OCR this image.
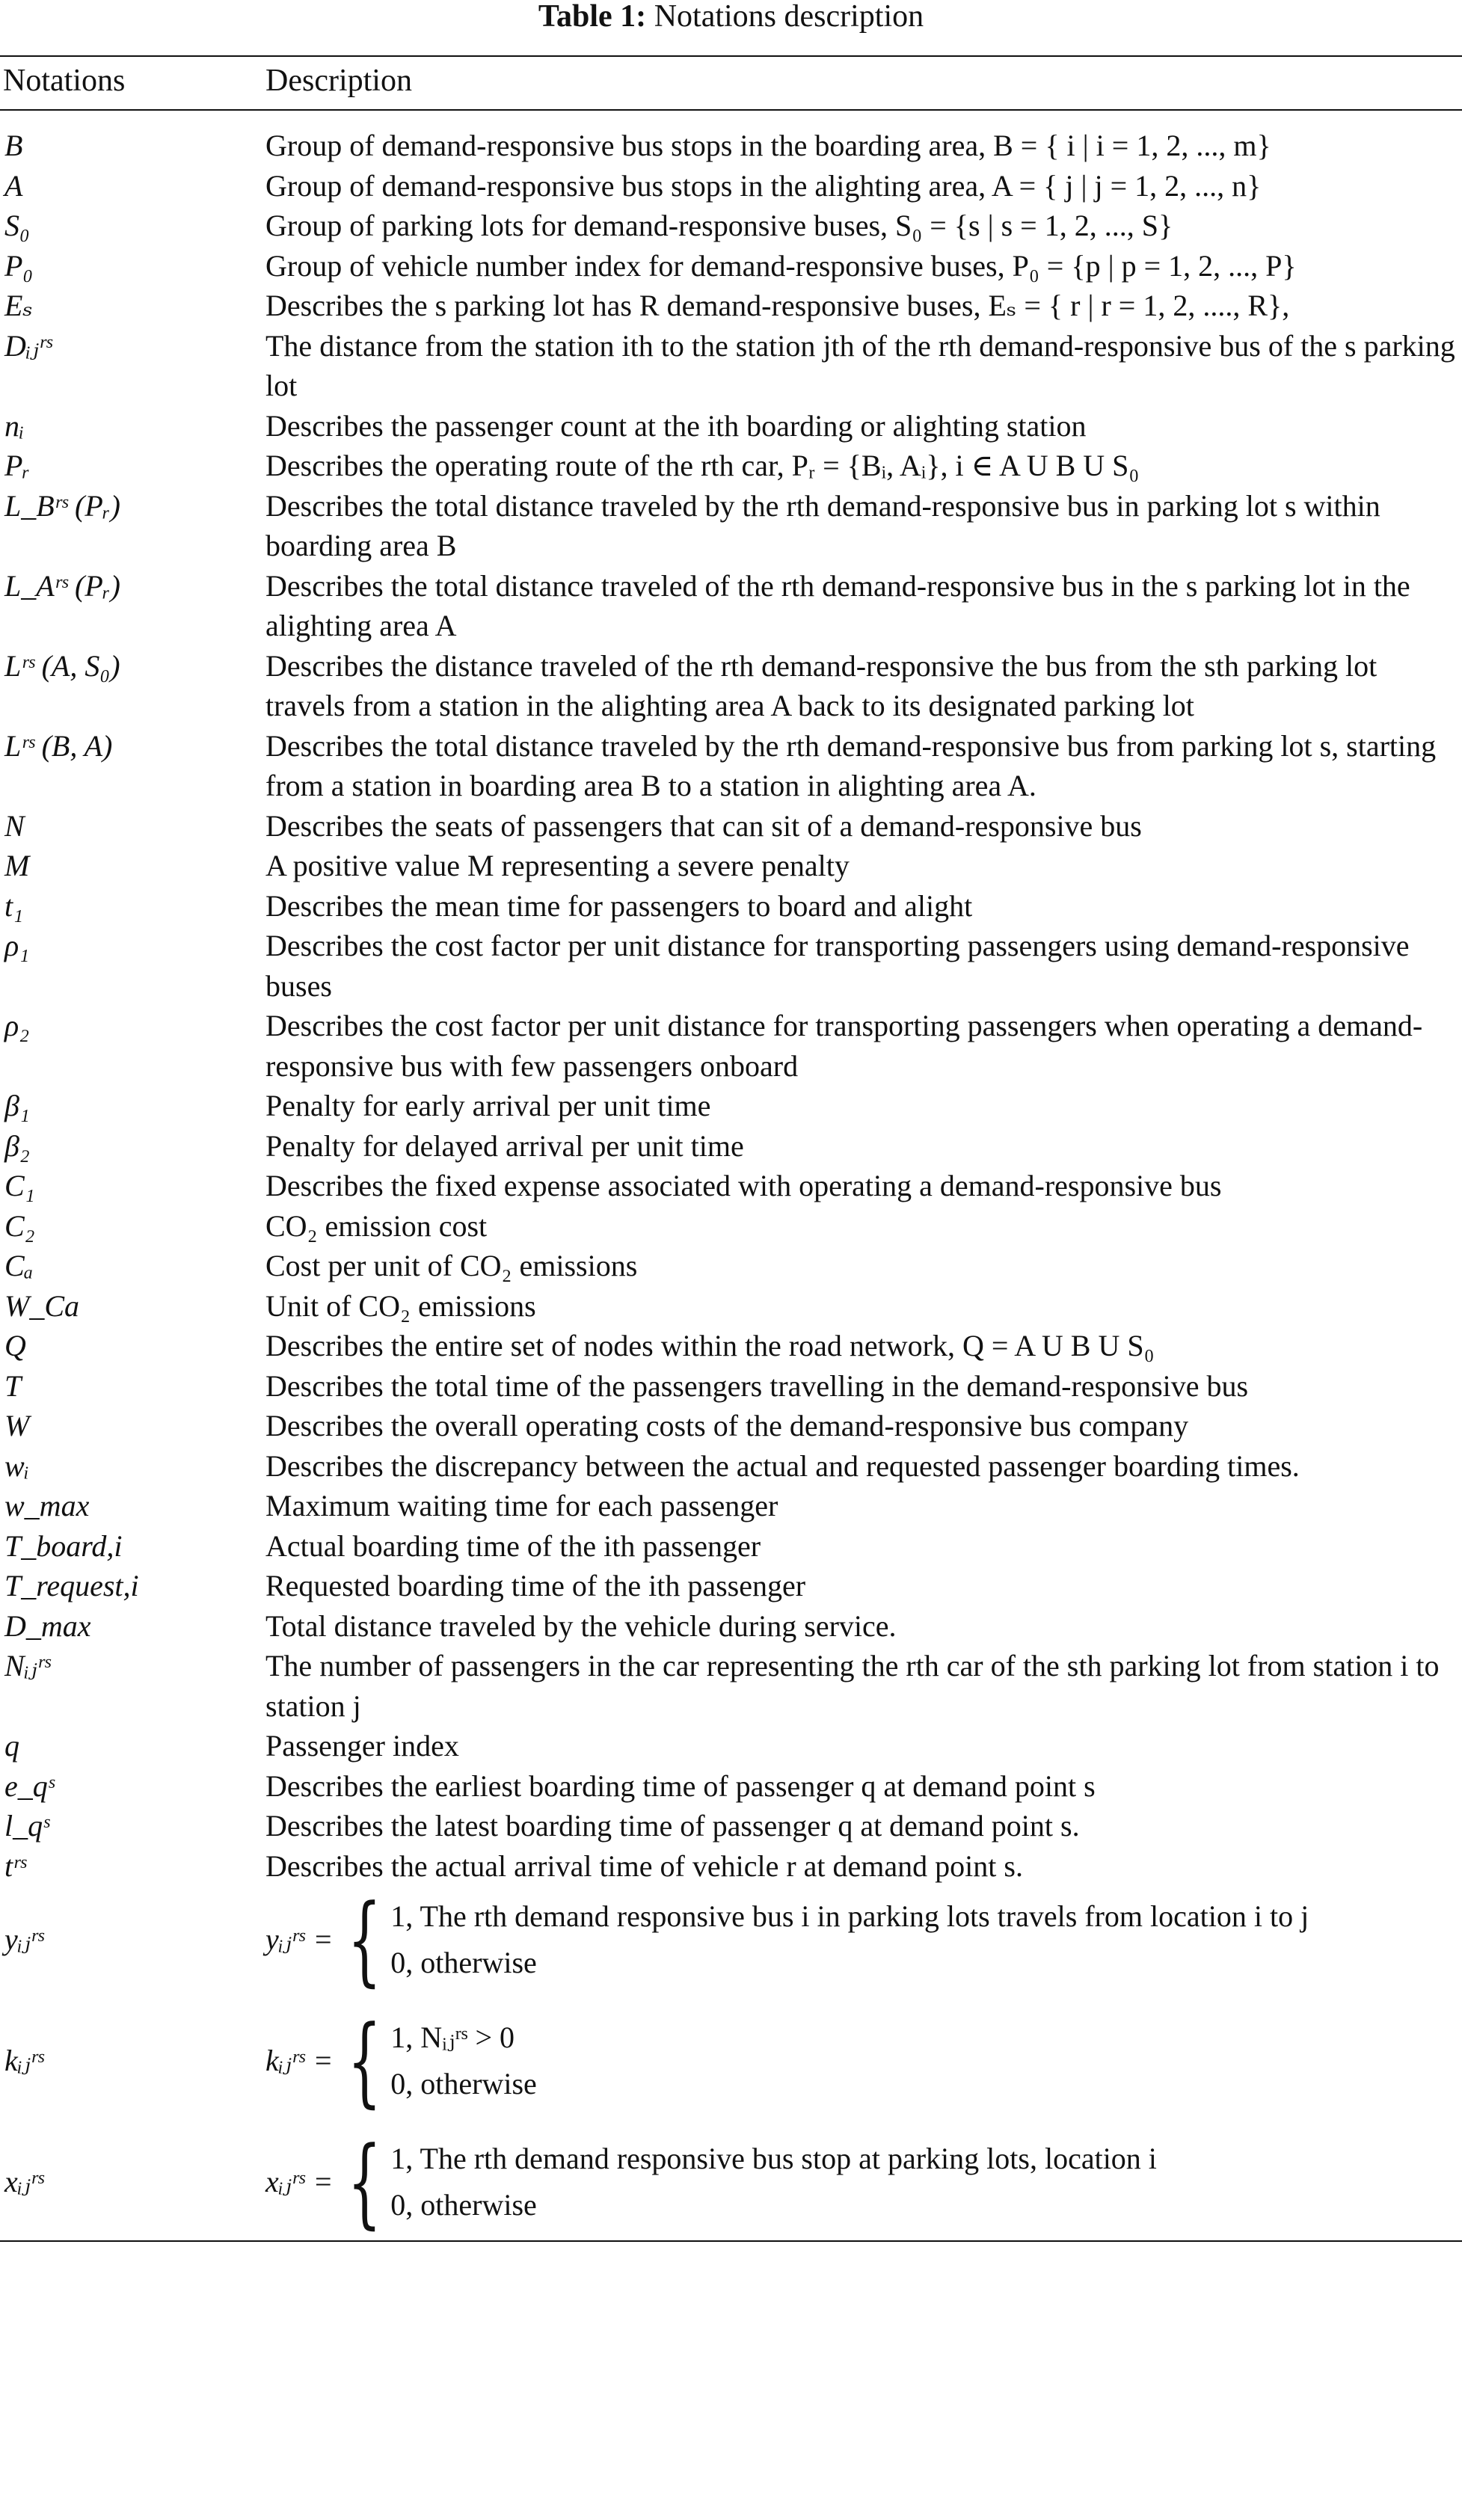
Table 1: Notations description
Notations	Description
B	Group of demand-responsive bus stops in the boarding area, B = { i | i = 1, 2, ..., m}
A	Group of demand-responsive bus stops in the alighting area, A = { j | j = 1, 2, ..., n}
S₀	Group of parking lots for demand-responsive buses, S₀ = {s | s = 1, 2, ..., S}
P₀	Group of vehicle number index for demand-responsive buses, P₀ = {p | p = 1, 2, ..., P}
Eₛ	Describes the s parking lot has R demand-responsive buses, Eₛ = { r | r = 1, 2, ...., R},
Dᵢⱼʳˢ	The distance from the station ith to the station jth of the rth demand-responsive bus of the s parking lot
nᵢ	Describes the passenger count at the ith boarding or alighting station
Pᵣ	Describes the operating route of the rth car, Pᵣ = {Bᵢ, Aᵢ}, i ∈ A U B U S₀
L_Bʳˢ (Pᵣ)	Describes the total distance traveled by the rth demand-responsive bus in parking lot s within boarding area B
L_Aʳˢ (Pᵣ)	Describes the total distance traveled of the rth demand-responsive bus in the s parking lot in the alighting area A
Lʳˢ (A, S₀)	Describes the distance traveled of the rth demand-responsive the bus from the sth parking lot travels from a station in the alighting area A back to its designated parking lot
Lʳˢ (B, A)	Describes the total distance traveled by the rth demand-responsive bus from parking lot s, starting from a station in boarding area B to a station in alighting area A.
N	Describes the seats of passengers that can sit of a demand-responsive bus
M	A positive value M representing a severe penalty
t₁	Describes the mean time for passengers to board and alight
ρ₁	Describes the cost factor per unit distance for transporting passengers using demand-responsive buses
ρ₂	Describes the cost factor per unit distance for transporting passengers when operating a demand-responsive bus with few passengers onboard
β₁	Penalty for early arrival per unit time
β₂	Penalty for delayed arrival per unit time
C₁	Describes the fixed expense associated with operating a demand-responsive bus
C₂	CO₂ emission cost
Cₐ	Cost per unit of CO₂ emissions
W_Ca	Unit of CO₂ emissions
Q	Describes the entire set of nodes within the road network, Q = A U B U S₀
T	Describes the total time of the passengers travelling in the demand-responsive bus
W	Describes the overall operating costs of the demand-responsive bus company
wᵢ	Describes the discrepancy between the actual and requested passenger boarding times.
w_max	Maximum waiting time for each passenger
T_board,i	Actual boarding time of the ith passenger
T_request,i	Requested boarding time of the ith passenger
D_max	Total distance traveled by the vehicle during service.
Nᵢⱼʳˢ	The number of passengers in the car representing the rth car of the sth parking lot from station i to station j
q	Passenger index
e_qˢ	Describes the earliest boarding time of passenger q at demand point s
l_qˢ	Describes the latest boarding time of passenger q at demand point s.
tʳˢ	Describes the actual arrival time of vehicle r at demand point s.
yᵢⱼʳˢ	yᵢⱼʳˢ = { 1, The rth demand responsive bus i in parking lots travels from location i to j
0, otherwise

kᵢⱼʳˢ	kᵢⱼʳˢ = { 1, Nᵢⱼʳˢ > 0
0, otherwise

xᵢⱼʳˢ	xᵢⱼʳˢ = { 1, The rth demand responsive bus stop at parking lots, location i
0, otherwise
